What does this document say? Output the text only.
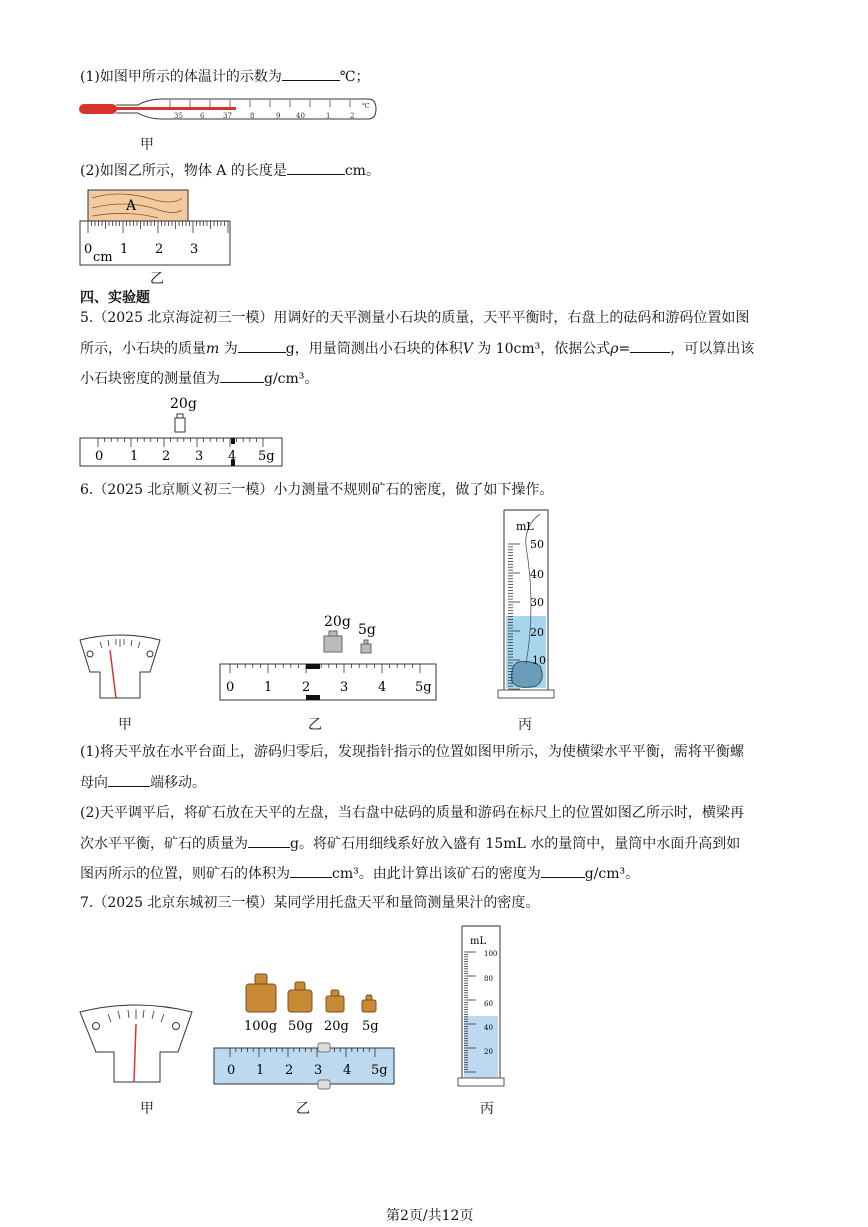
(1)如图甲所示的体温计的示数为	℃；
35 6	37	8	9 40	1	2
℃
甲
(2)如图乙所示，物体 A 的长度是	cm。
A
0 1 2 3
cm
乙
四、实验题
5.（2025 北京海淀初三一模）用调好的天平测量小石块的质量，天平平衡时，右盘上的砝码和游码位置如图
所示，小石块的质量m 为	g，用量筒测出小石块的体积V 为 10cm³，依据公式ρ=	，可以算出该
小石块密度的测量值为	g/cm³。
20g
0 1 2 3 4 5g
6.（2025 北京顺义初三一模）小力测量不规则矿石的密度，做了如下操作。
20g 5g
0 1 2 3 4 5g
mL
50
40
30
20
10
甲	乙	丙
(1)将天平放在水平台面上，游码归零后，发现指针指示的位置如图甲所示，为使横梁水平平衡，需将平衡螺
母向	端移动。
(2)天平调平后，将矿石放在天平的左盘，当右盘中砝码的质量和游码在标尺上的位置如图乙所示时，横梁再
次水平平衡，矿石的质量为	g。将矿石用细线系好放入盛有 15mL 水的量筒中，量筒中水面升高到如
图丙所示的位置，则矿石的体积为	cm³。由此计算出该矿石的密度为	g/cm³。
7.（2025 北京东城初三一模）某同学用托盘天平和量筒测量果汁的密度。
100g 50g 20g 5g
0 1 2 3 4 5g
mL
100
80
60
40
20
甲	乙	丙
第2页/共12页
